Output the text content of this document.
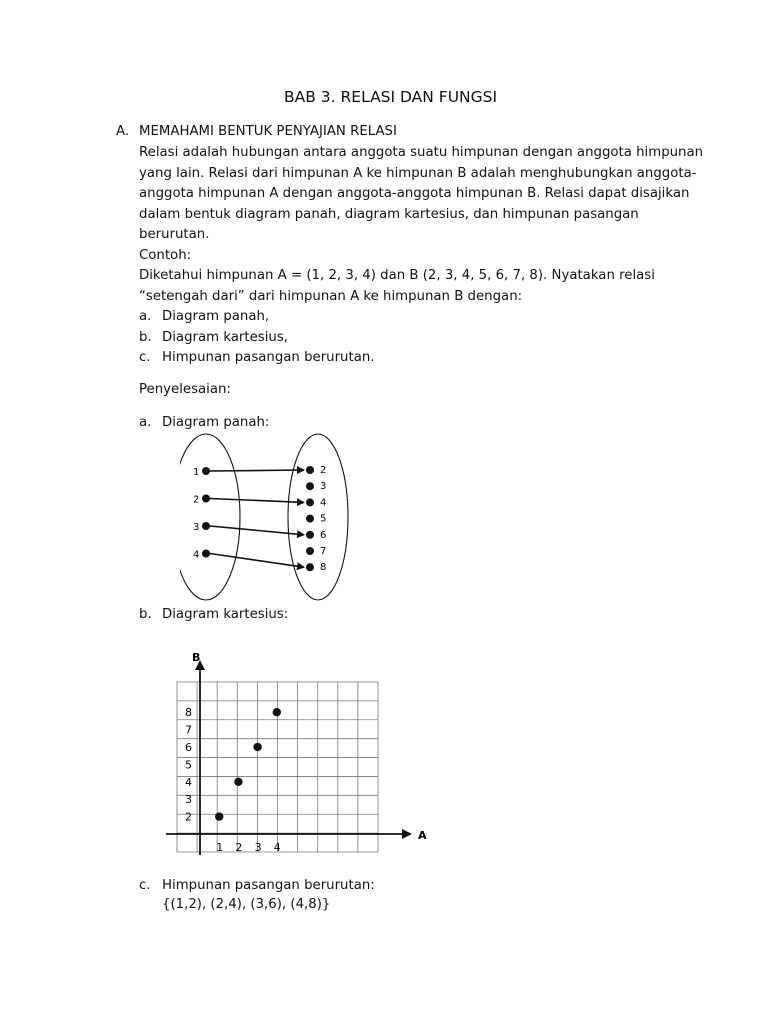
BAB 3. RELASI DAN FUNGSI
A. MEMAHAMI BENTUK PENYAJIAN RELASI
Relasi adalah hubungan antara anggota suatu himpunan dengan anggota himpunan
yang lain. Relasi dari himpunan A ke himpunan B adalah menghubungkan anggota-
anggota himpunan A dengan anggota-anggota himpunan B. Relasi dapat disajikan
dalam bentuk diagram panah, diagram kartesius, dan himpunan pasangan
berurutan.
Contoh:
Diketahui himpunan A = (1, 2, 3, 4) dan B (2, 3, 4, 5, 6, 7, 8). Nyatakan relasi
“setengah dari” dari himpunan A ke himpunan B dengan:
a. Diagram panah,
b. Diagram kartesius,
c. Himpunan pasangan berurutan.
Penyelesaian:
a. Diagram panah:
1
2
3
4
2
3
4
5
6
7
8
b. Diagram kartesius:
A
B
1 2 3 4
2
3
4
5
6
7
8
c. Himpunan pasangan berurutan:
{(1,2), (2,4), (3,6), (4,8)}
